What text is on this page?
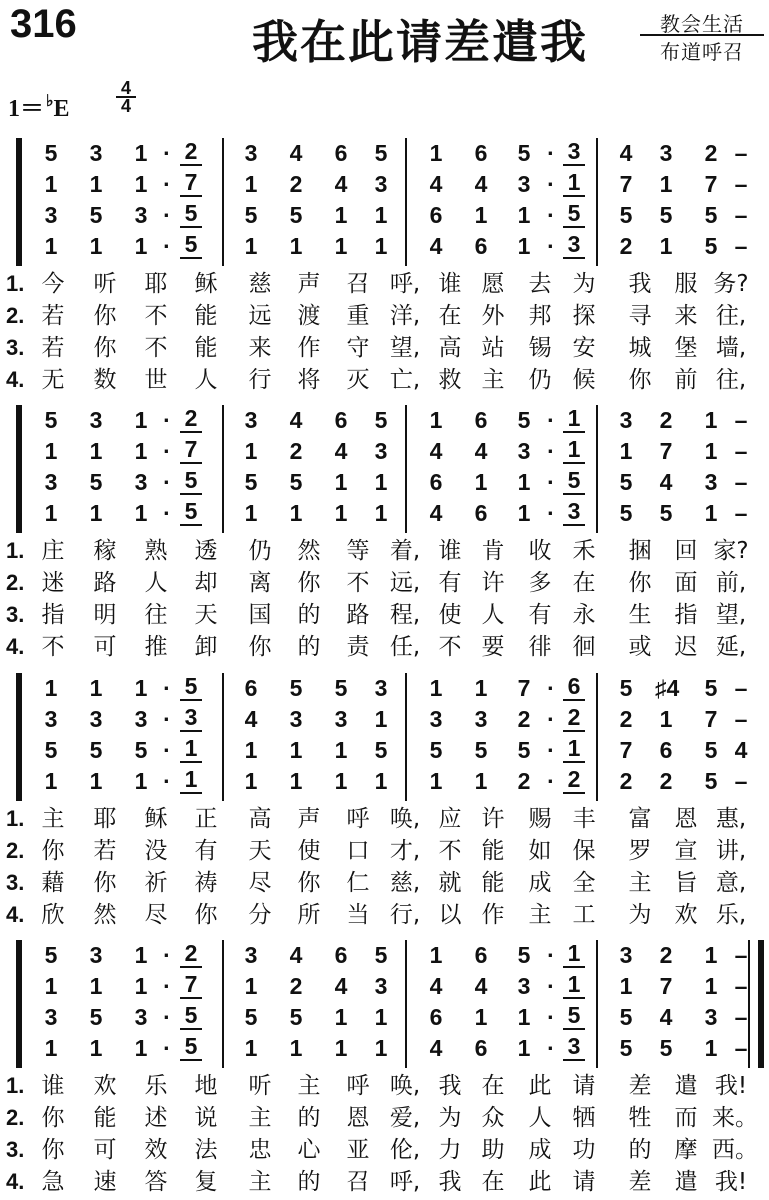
316	我在此请差遣我	教会生活
布道呼召
1＝ ♭E
4
4
5 3 1 · 2 3 4 6 5 1 6 5 · 3 4 3 2 –
1 1 1 · 7 1 2 4 3 4 4 3 · 1 7 1 7 –
3 5 3 · 5 5 5 1 1 6 1 1 · 5 5 5 5 –
1 1 1 · 5 1 1 1 1 4 6 1 · 3 2 1 5 –
1. 今	听	耶	稣	慈	声	召 呼, 谁 愿	去 为	我	服 务?
2. 若	你	不	能	远	渡	重 洋, 在 外	邦 探	寻	来 往,
3. 若	你	不	能	来	作	守 望, 高 站	锡 安	城	堡 墙,
4. 无	数	世	人	行	将	灭 亡, 救 主	仍 候	你	前 往,
5 3 1 · 2 3 4 6 5 1 6 5 · 1 3 2 1 –
1 1 1 · 7 1 2 4 3 4 4 3 · 1 1 7 1 –
3 5 3 · 5 5 5 1 1 6 1 1 · 5 5 4 3 –
1 1 1 · 5 1 1 1 1 4 6 1 · 3 5 5 1 –
1. 庄	稼	熟	透	仍	然	等 着, 谁 肯	收 禾	捆	回 家?
2. 迷	路	人	却	离	你	不 远, 有 许	多 在	你	面 前,
3. 指	明	往	天	国	的	路 程, 使 人	有 永	生	指 望,
4. 不	可	推	卸	你	的	责 任, 不 要	徘 徊	或	迟 延,
1 1 1 · 5 6 5 5 3 1 1 7 · 6 5 ♯4 5 –
3 3 3 · 3 4 3 3 1 3 3 2 · 2 2 1 7 –
5 5 5 · 1 1 1 1 5 5 5 5 · 1 7 6 5 4
1 1 1 · 1 1 1 1 1 1 1 2 · 2 2 2 5 –
1. 主	耶	稣	正	高	声	呼 唤, 应 许	赐 丰	富	恩 惠,
2. 你	若	没	有	天	使	口 才, 不 能	如 保	罗	宣 讲,
3. 藉	你	祈	祷	尽	你	仁 慈, 就 能	成 全	主	旨 意,
4. 欣	然	尽	你	分	所	当 行, 以 作	主 工	为	欢 乐,
5 3 1 · 2 3 4 6 5 1 6 5 · 1 3 2 1 –
1 1 1 · 7 1 2 4 3 4 4 3 · 1 1 7 1 –
3 5 3 · 5 5 5 1 1 6 1 1 · 5 5 4 3 –
1 1 1 · 5 1 1 1 1 4 6 1 · 3 5 5 1 –
1. 谁	欢	乐	地	听	主	呼 唤, 我 在	此 请	差	遣 我!
2. 你	能	述	说	主	的	恩 爱, 为 众	人 牺	牲	而 来。
3. 你	可	效	法	忠	心	亚 伦, 力 助	成 功	的	摩 西。
4. 急	速	答	复	主	的	召 呼, 我 在	此 请	差	遣 我!
